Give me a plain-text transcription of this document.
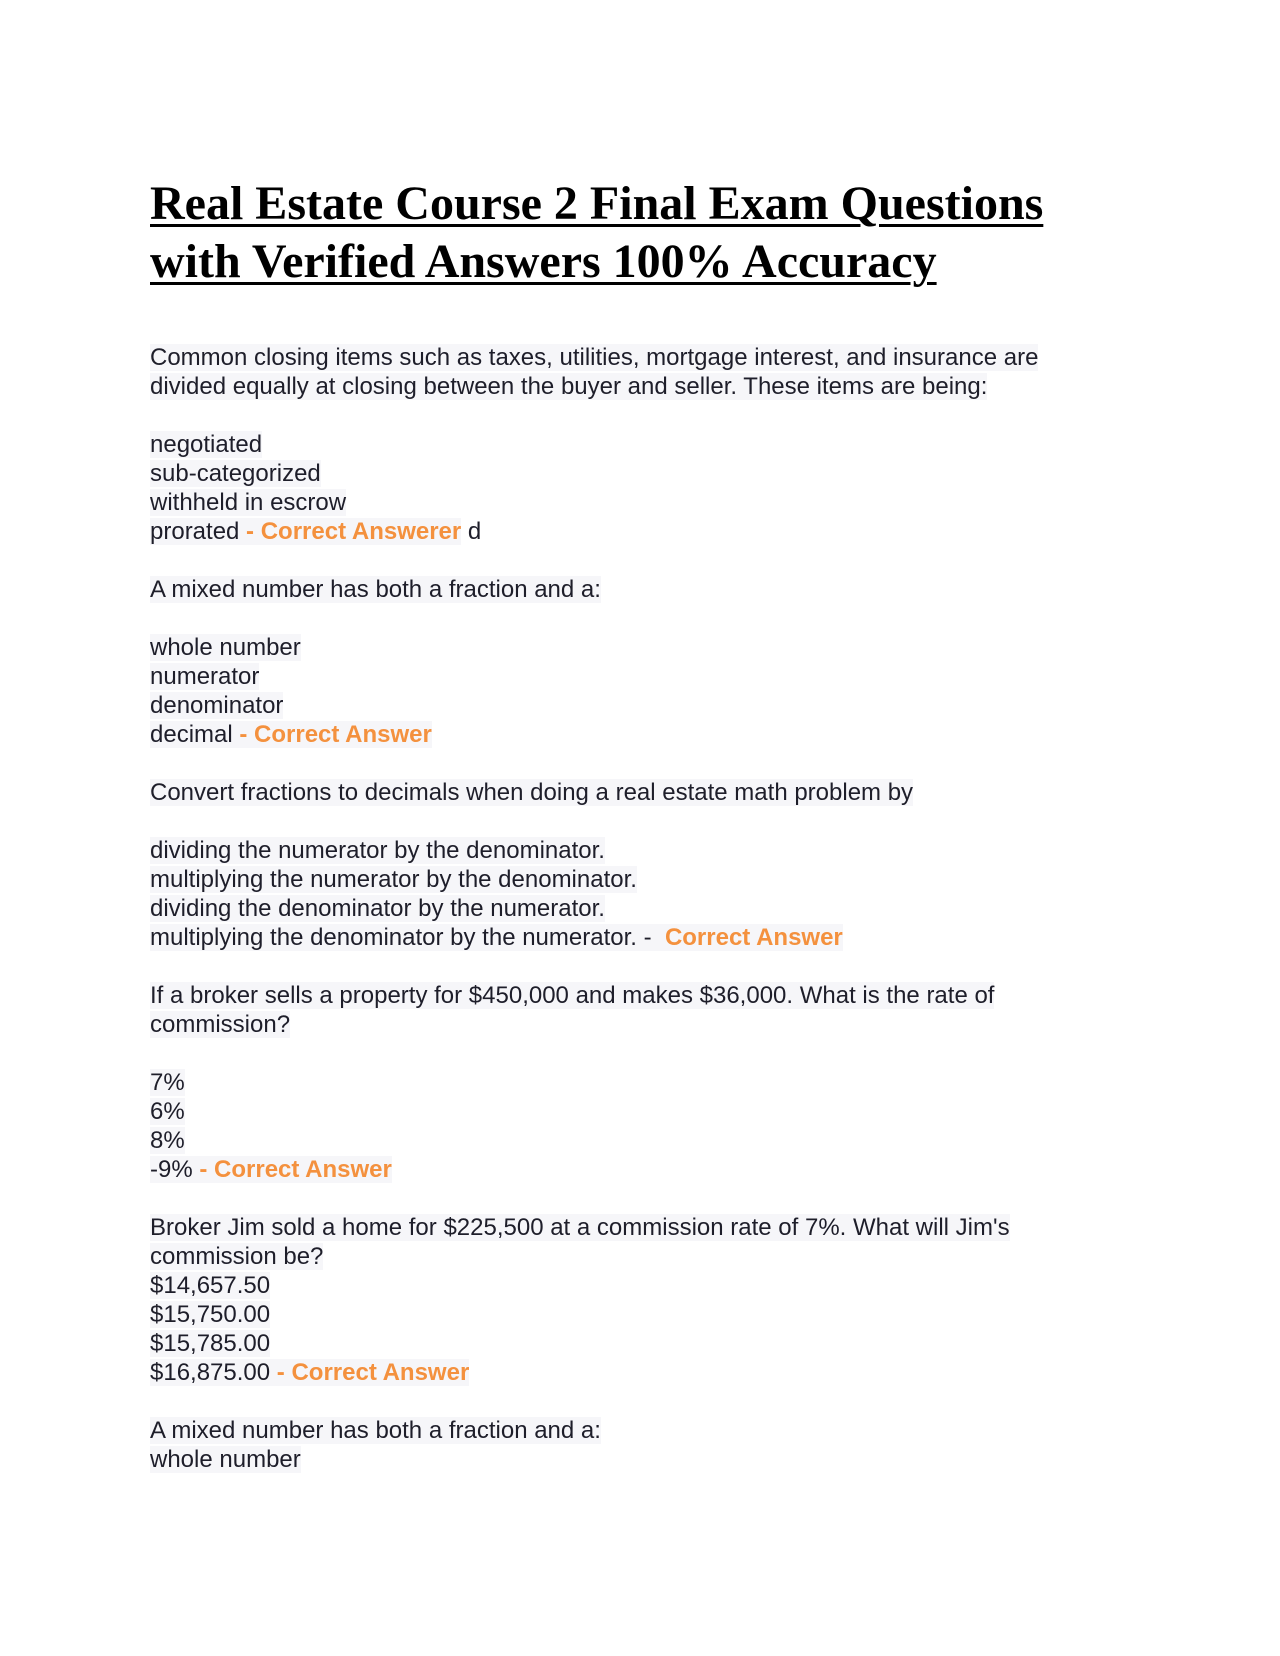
Real Estate Course 2 Final Exam Questions
with Verified Answers 100% Accuracy
Common closing items such as taxes, utilities, mortgage interest, and insurance are divided equally at closing between the buyer and seller. These items are being:
negotiated
sub-categorized
withheld in escrow
prorated - Correct Answerer d
A mixed number has both a fraction and a:
whole number
numerator
denominator
decimal - Correct Answer
Convert fractions to decimals when doing a real estate math problem by
dividing the numerator by the denominator.
multiplying the numerator by the denominator.
dividing the denominator by the numerator.
multiplying the denominator by the numerator. -  Correct Answer
If a broker sells a property for $450,000 and makes $36,000. What is the rate of commission?
7%
6%
8%
-9% - Correct Answer
Broker Jim sold a home for $225,500 at a commission rate of 7%. What will Jim's commission be?
$14,657.50
$15,750.00
$15,785.00
$16,875.00 - Correct Answer
A mixed number has both a fraction and a:
whole number
